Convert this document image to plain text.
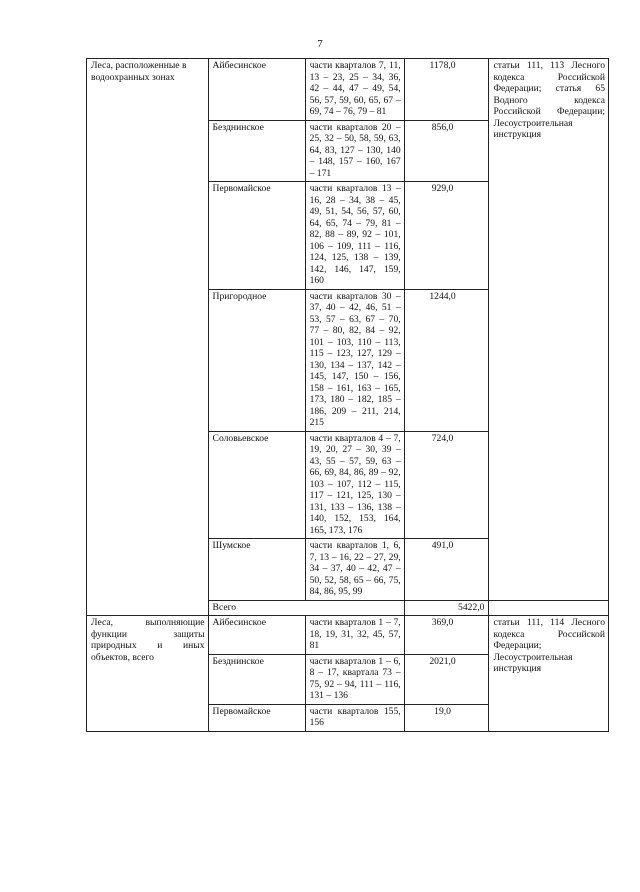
7
Леса, расположенные в водоохранных зонах	Айбесинское	части кварталов 7, 11, 13 – 23, 25 – 34, 36, 42 – 44, 47 – 49, 54, 56, 57, 59, 60, 65, 67 – 69, 74 – 76, 79 – 81	1178,0	статьи 111, 113 Лесного кодекса Российской Федерации; статья 65 Водного кодекса Российской Федерации; Лесоустроительная инструкция
	Бездни​нское	части кварталов 20 – 25, 32 – 50, 58, 59, 63, 64, 83, 127 – 130, 140 – 148, 157 – 160, 167 – 171	856,0	
	Первомайское	части кварталов 13 – 16, 28 – 34, 38 – 45, 49, 51, 54, 56, 57, 60, 64, 65, 74 – 79, 81 – 82, 88 – 89, 92 – 101, 106 – 109, 111 – 116, 124, 125, 138 – 139, 142, 146, 147, 159, 160	929,0	
	Пригородное	части кварталов 30 – 37, 40 – 42, 46, 51 – 53, 57 – 63, 67 – 70, 77 – 80, 82, 84 – 92, 101 – 103, 110 – 113, 115 – 123, 127, 129 – 130, 134 – 137, 142 – 145, 147, 150 – 156, 158 – 161, 163 – 165, 173, 180 – 182, 185 – 186, 209 – 211, 214, 215	1244,0	
	Соловьевское	части кварталов 4 – 7, 19, 20, 27 – 30, 39 – 43, 55 – 57, 59, 63 – 66, 69, 84, 86, 89 – 92, 103 – 107, 112 – 115, 117 – 121, 125, 130 – 131, 133 – 136, 138 – 140, 152, 153, 164, 165, 173, 176	724,0	
	Шумское	части кварталов 1, 6, 7, 13 – 16, 22 – 27, 29, 34 – 37, 40 – 42, 47 – 50, 52, 58, 65 – 66, 75, 84, 86, 95, 99	491,0	
	Всего		5422,0	
Леса, выполняющие функции защиты природных и иных объектов, всего	Айбесинское	части кварталов 1 – 7, 18, 19, 31, 32, 45, 57, 81	369,0	статьи 111, 114 Лесного кодекса Российской Федерации; Лесоустроительная инструкция
	Бездни​нское	части кварталов 1 – 6, 8 – 17, квартала 73 – 75, 92 – 94, 111 – 116, 131 – 136	2021,0	
	Первомайское	части кварталов 155, 156	19,0	
